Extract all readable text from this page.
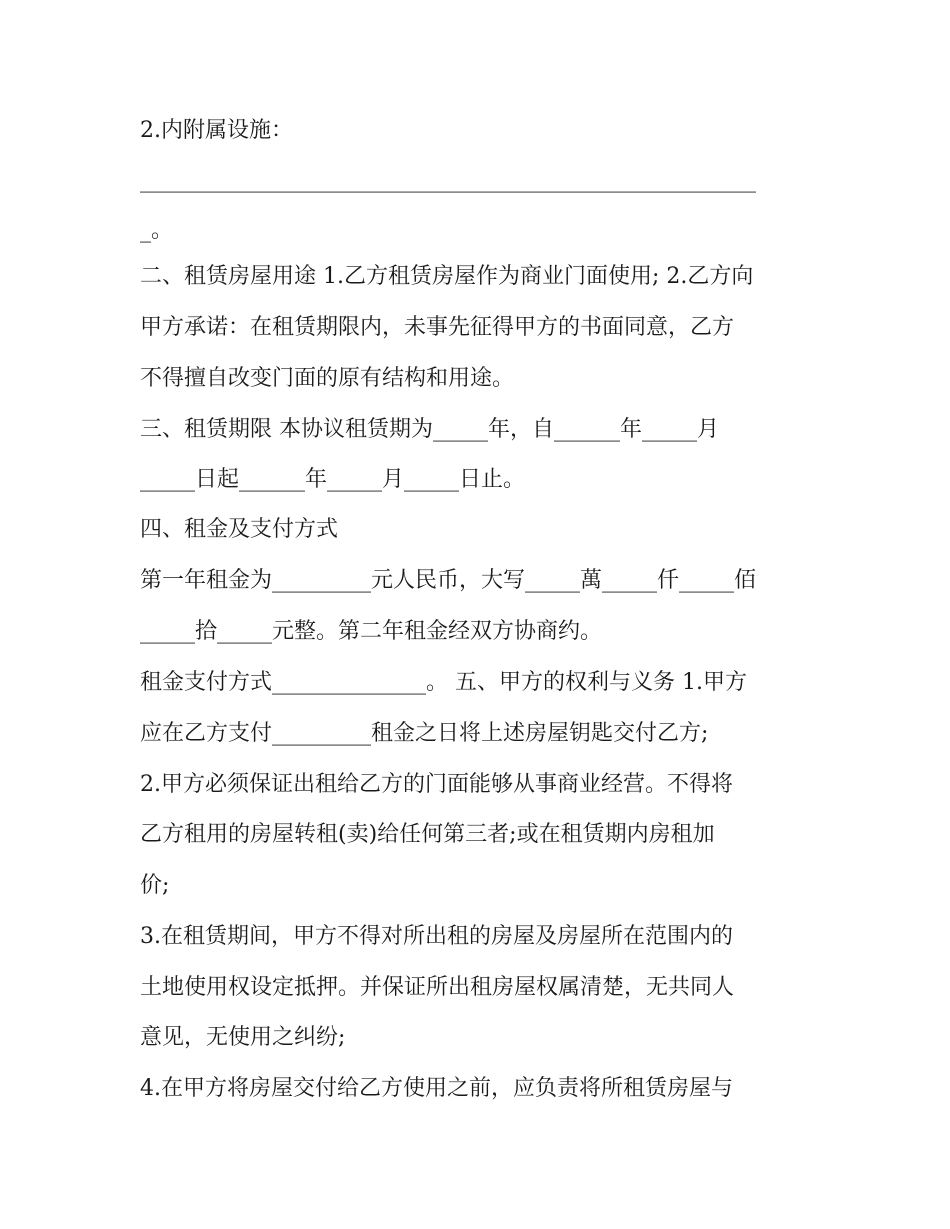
2.内附属设施：
________________________________________________________
_。
二、租赁房屋用途 1.乙方租赁房屋作为商业门面使用; 2.乙方向
甲方承诺：在租赁期限内，未事先征得甲方的书面同意，乙方
不得擅自改变门面的原有结构和用途。
三、租赁期限 本协议租赁期为_____年，自______年_____月
_____日起______年_____月_____日止。
四、租金及支付方式
第一年租金为_________元人民币，大写_____萬_____仟_____佰
_____拾_____元整。第二年租金经双方协商约。
租金支付方式______________。 五、甲方的权利与义务 1.甲方
应在乙方支付_________租金之日将上述房屋钥匙交付乙方;
2.甲方必须保证出租给乙方的门面能够从事商业经营。不得将
乙方租用的房屋转租(卖)给任何第三者;或在租赁期内房租加
价;
3.在租赁期间，甲方不得对所出租的房屋及房屋所在范围内的
土地使用权设定抵押。并保证所出租房屋权属清楚，无共同人
意见，无使用之纠纷;
4.在甲方将房屋交付给乙方使用之前，应负责将所租赁房屋与
